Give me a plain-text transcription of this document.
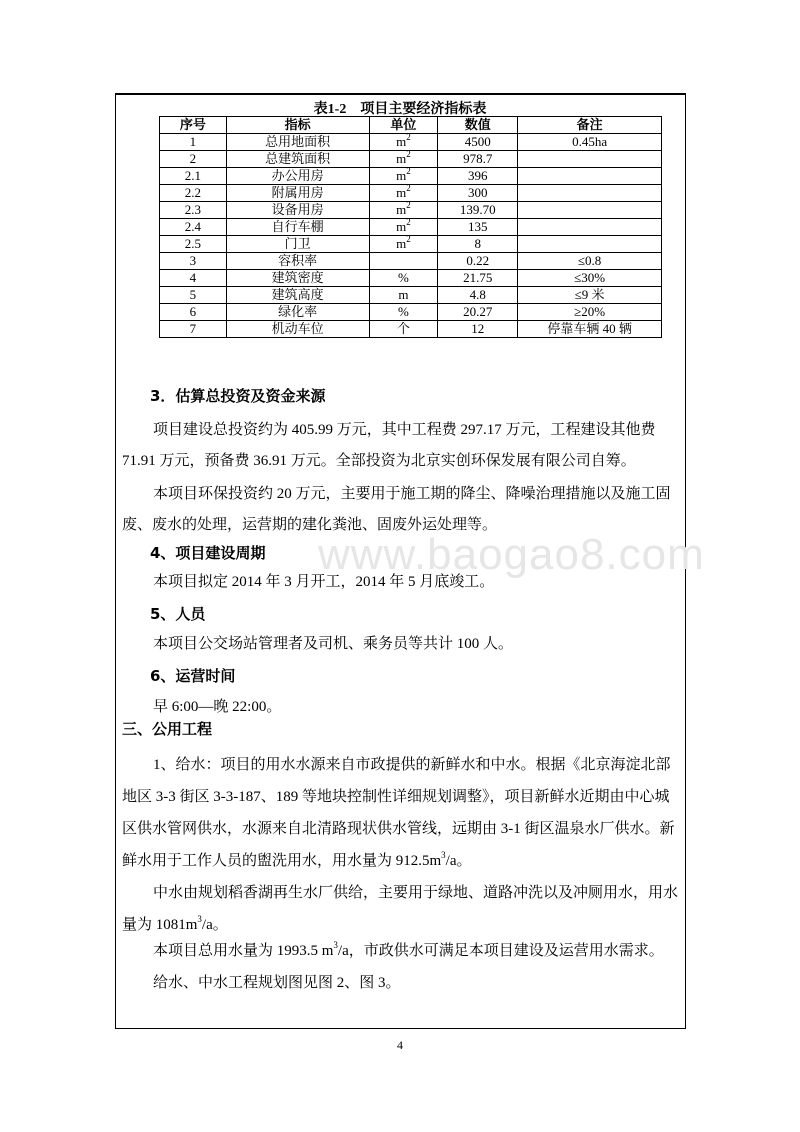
www.baogao8.com
表1-2　项目主要经济指标表
序号	指标	单位	数值	备注
1	总用地面积	$m^2$	4500	0.45ha
2	总建筑面积	$m^2$	978.7	
2.1	办公用房	$m^2$	396	
2.2	附属用房	$m^2$	300	
2.3	设备用房	$m^2$	139.70	
2.4	自行车棚	$m^2$	135	
2.5	门卫	$m^2$	8	
3	容积率		0.22	≤0.8
4	建筑密度	%	21.75	≤30%
5	建筑高度	m	4.8	≤9 米
6	绿化率	%	20.27	≥20%
7	机动车位	个	12	停靠车辆 40 辆
3．估算总投资及资金来源
项目建设总投资约为 405.99 万元，其中工程费 297.17 万元，工程建设其他费 71.91 万元，预备费 36.91 万元。全部投资为北京实创环保发展有限公司自筹。
本项目环保投资约 20 万元，主要用于施工期的降尘、降噪治理措施以及施工固废、废水的处理，运营期的建化粪池、固废外运处理等。
4、项目建设周期
本项目拟定 2014 年 3 月开工，2014 年 5 月底竣工。
5、人员
本项目公交场站管理者及司机、乘务员等共计 100 人。
6、运营时间
早 6:00—晚 22:00。
三、公用工程
1、给水：项目的用水水源来自市政提供的新鲜水和中水。根据《北京海淀北部地区 3-3 街区 3-3-187、189 等地块控制性详细规划调整》，项目新鲜水近期由中心城区供水管网供水，水源来自北清路现状供水管线，远期由 3-1 街区温泉水厂供水。新鲜水用于工作人员的盥洗用水，用水量为 $912.5m^3/a$。
中水由规划稻香湖再生水厂供给，主要用于绿地、道路冲洗以及冲厕用水，用水量为 $1081m^3/a$。
本项目总用水量为 1993.5 $m^3/a$，市政供水可满足本项目建设及运营用水需求。
给水、中水工程规划图见图 2、图 3。
4
